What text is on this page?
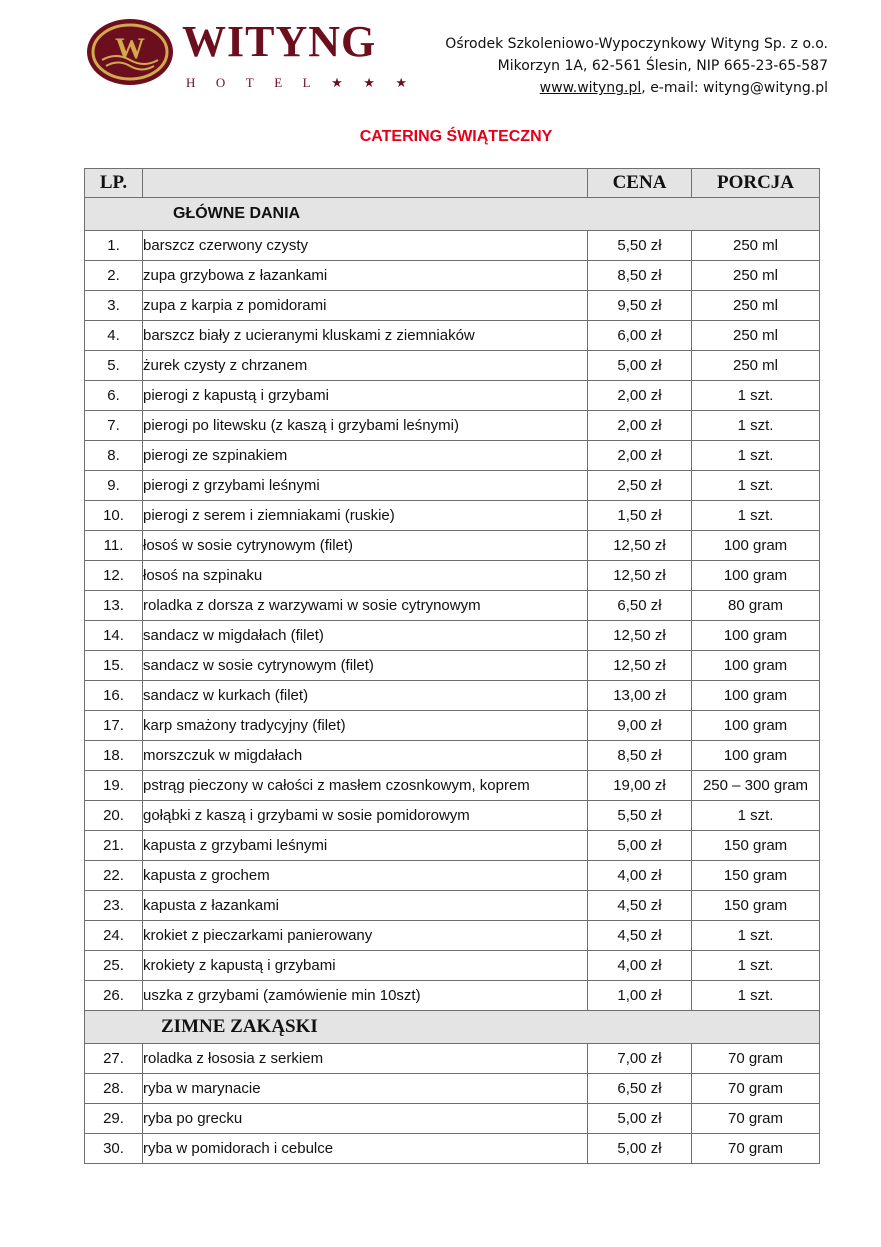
W WITYNG
HOTEL★★★
Ośrodek Szkoleniowo-Wypoczynkowy Wityng Sp. z o.o.
Mikorzyn 1A, 62-561 Ślesin, NIP 665-23-65-587
www.wityng.pl, e-mail: wityng@wityng.pl
CATERING ŚWIĄTECZNY
LP.		CENA	PORCJA
GŁÓWNE DANIA			
1.	barszcz czerwony czysty	5,50 zł	250 ml
2.	zupa grzybowa z łazankami	8,50 zł	250 ml
3.	zupa z karpia z pomidorami	9,50 zł	250 ml
4.	barszcz biały z ucieranymi kluskami z ziemniaków	6,00 zł	250 ml
5.	żurek czysty z chrzanem	5,00 zł	250 ml
6.	pierogi z kapustą i grzybami	2,00 zł	1 szt.
7.	pierogi po litewsku (z kaszą i grzybami leśnymi)	2,00 zł	1 szt.
8.	pierogi ze szpinakiem	2,00 zł	1 szt.
9.	pierogi z grzybami leśnymi	2,50 zł	1 szt.
10.	pierogi z serem i ziemniakami (ruskie)	1,50 zł	1 szt.
11.	łosoś w sosie cytrynowym (filet)	12,50 zł	100 gram
12.	łosoś na szpinaku	12,50 zł	100 gram
13.	roladka z dorsza z warzywami w sosie cytrynowym	6,50 zł	80 gram
14.	sandacz w migdałach (filet)	12,50 zł	100 gram
15.	sandacz w sosie cytrynowym (filet)	12,50 zł	100 gram
16.	sandacz w kurkach (filet)	13,00 zł	100 gram
17.	karp smażony tradycyjny (filet)	9,00 zł	100 gram
18.	morszczuk w migdałach	8,50 zł	100 gram
19.	pstrąg pieczony w całości z masłem czosnkowym, koprem	19,00 zł	250 – 300 gram
20.	gołąbki z kaszą i grzybami w sosie pomidorowym	5,50 zł	1 szt.
21.	kapusta z grzybami leśnymi	5,00 zł	150 gram
22.	kapusta z grochem	4,00 zł	150 gram
23.	kapusta z łazankami	4,50 zł	150 gram
24.	krokiet z pieczarkami panierowany	4,50 zł	1 szt.
25.	krokiety z kapustą i grzybami	4,00 zł	1 szt.
26.	uszka z grzybami (zamówienie min 10szt)	1,00 zł	1 szt.
ZIMNE ZAKĄSKI			
27.	roladka z łososia z serkiem	7,00 zł	70 gram
28.	ryba w marynacie	6,50 zł	70 gram
29.	ryba po grecku	5,00 zł	70 gram
30.	ryba w pomidorach i cebulce	5,00 zł	70 gram
